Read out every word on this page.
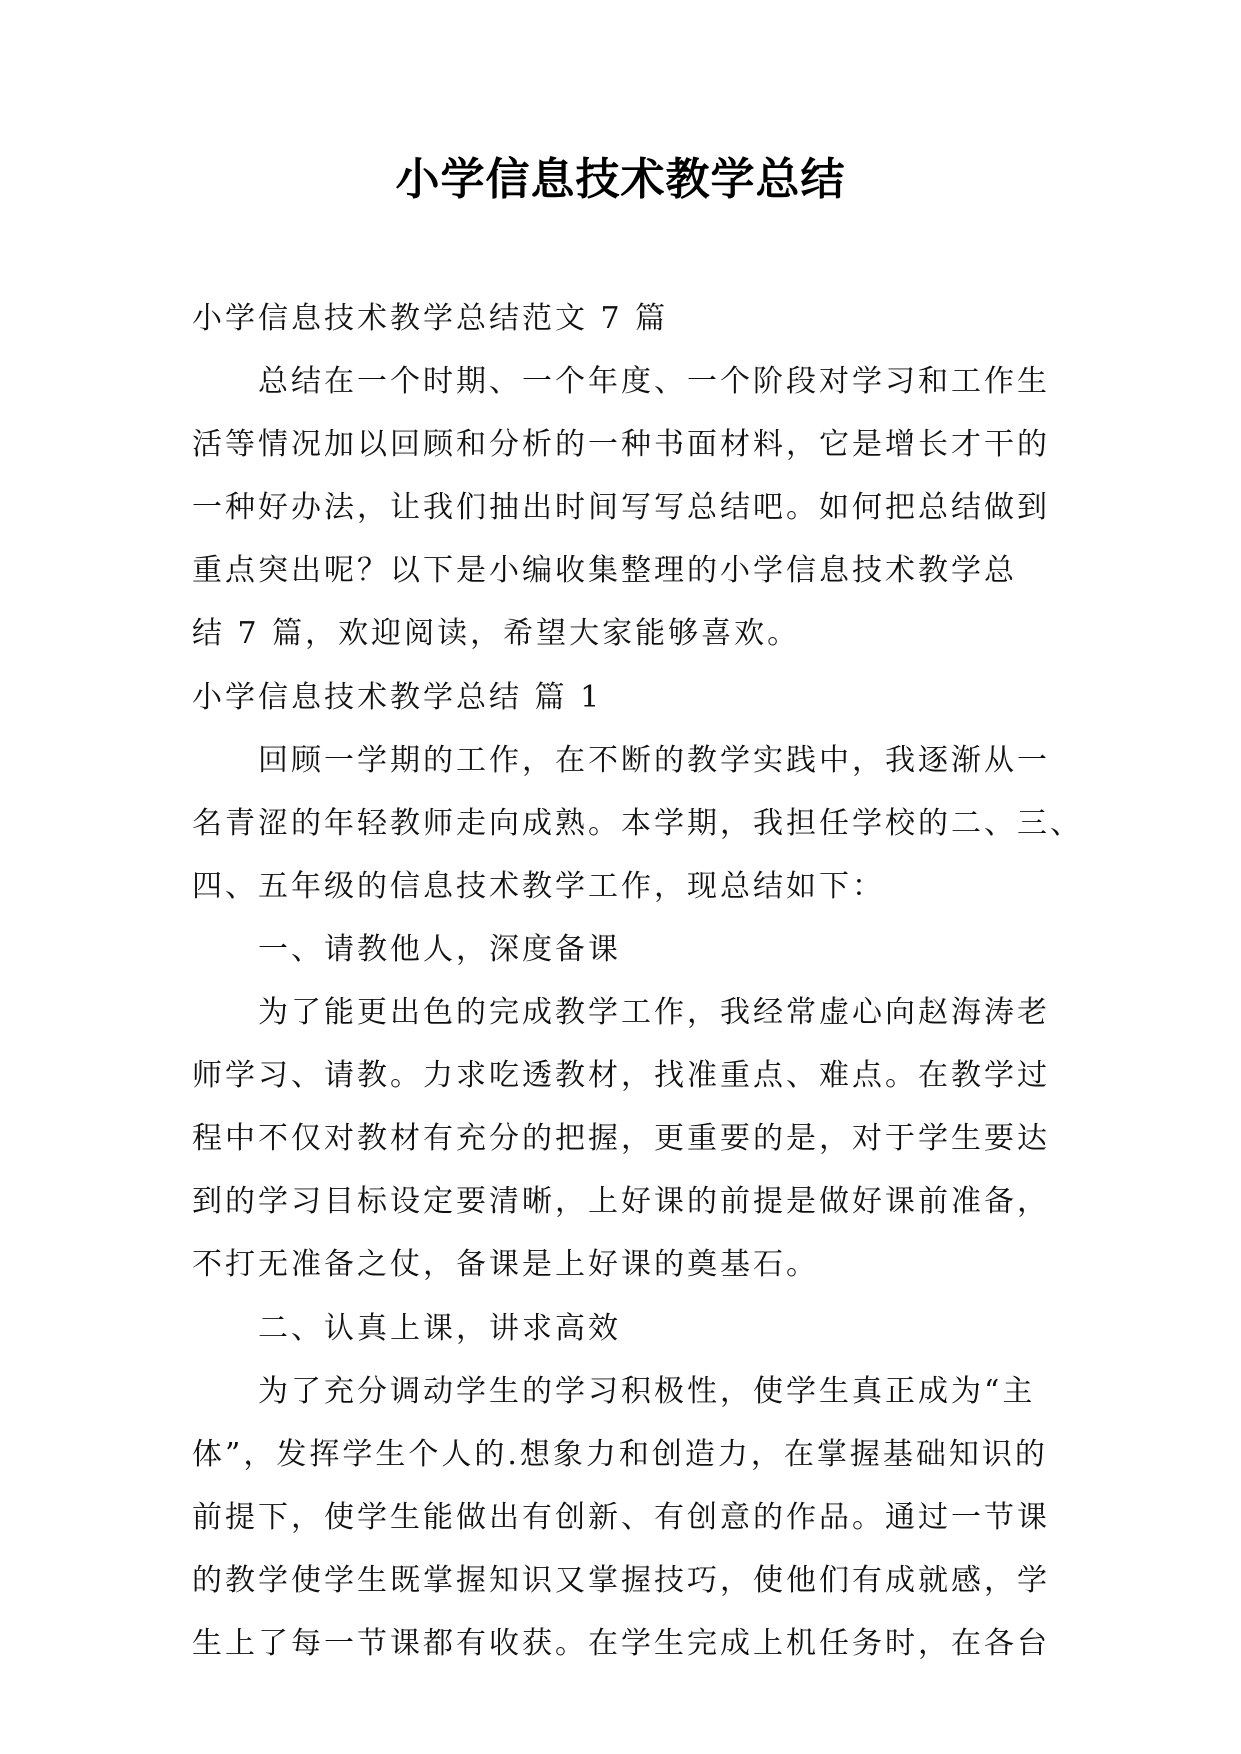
小学信息技术教学总结
小学信息技术教学总结范文 7 篇
总结在一个时期、一个年度、一个阶段对学习和工作生
活等情况加以回顾和分析的一种书面材料，它是增长才干的
一种好办法，让我们抽出时间写写总结吧。如何把总结做到
重点突出呢？以下是小编收集整理的小学信息技术教学总
结 7 篇，欢迎阅读，希望大家能够喜欢。
小学信息技术教学总结 篇 1
回顾一学期的工作，在不断的教学实践中，我逐渐从一
名青涩的年轻教师走向成熟。本学期，我担任学校的二、三、
四、五年级的信息技术教学工作，现总结如下：
一、请教他人，深度备课
为了能更出色的完成教学工作，我经常虚心向赵海涛老
师学习、请教。力求吃透教材，找准重点、难点。在教学过
程中不仅对教材有充分的把握，更重要的是，对于学生要达
到的学习目标设定要清晰，上好课的前提是做好课前准备，
不打无准备之仗，备课是上好课的奠基石。
二、认真上课，讲求高效
为了充分调动学生的学习积极性，使学生真正成为“主
体”，发挥学生个人的.想象力和创造力，在掌握基础知识的
前提下，使学生能做出有创新、有创意的作品。通过一节课
的教学使学生既掌握知识又掌握技巧，使他们有成就感，学
生上了每一节课都有收获。在学生完成上机任务时，在各台
